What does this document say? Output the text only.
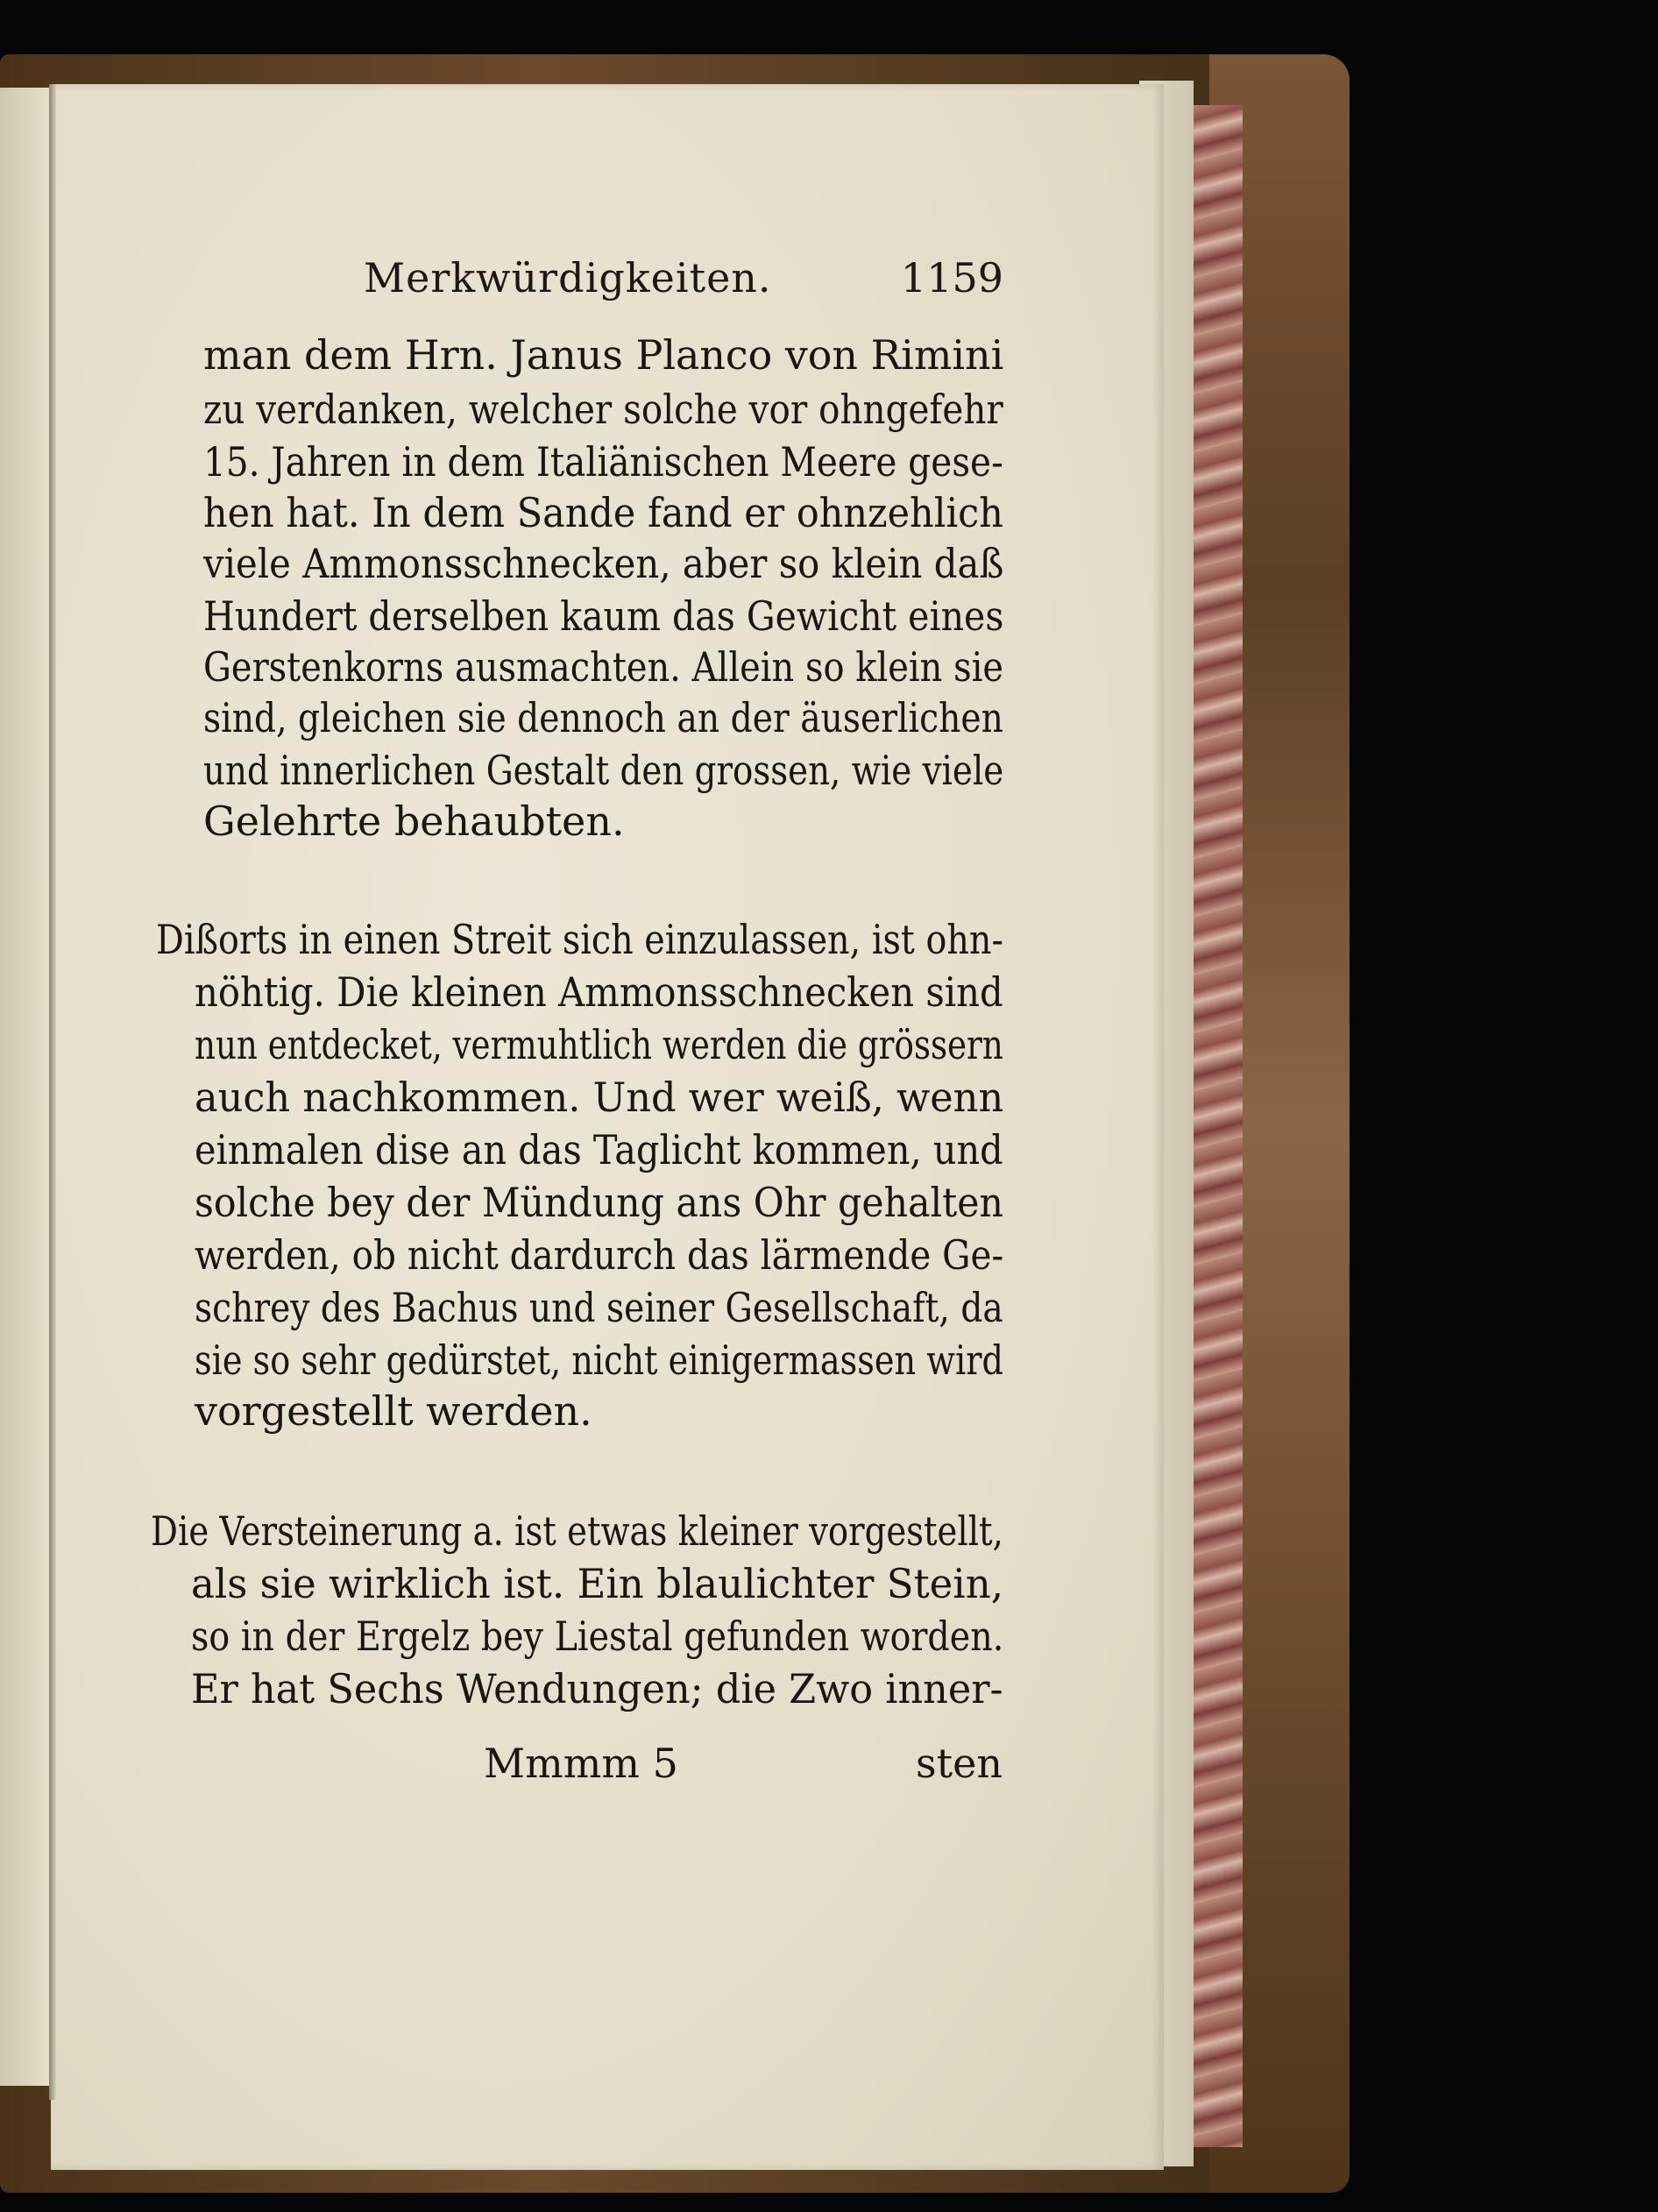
Merkwürdigkeiten.	1159
man dem Hrn. Janus Planco von Rimini
zu verdanken, welcher solche vor ohngefehr
15. Jahren in dem Italiänischen Meere gese-
hen hat. In dem Sande fand er ohnzehlich
viele Ammonsschnecken, aber so klein daß
Hundert derselben kaum das Gewicht eines
Gerstenkorns ausmachten. Allein so klein sie
sind, gleichen sie dennoch an der äuserlichen
und innerlichen Gestalt den grossen, wie viele
Gelehrte behaubten.
Dißorts in einen Streit sich einzulassen, ist ohn-
nöhtig. Die kleinen Ammonsschnecken sind
nun entdecket, vermuhtlich werden die grössern
auch nachkommen. Und wer weiß, wenn
einmalen dise an das Taglicht kommen, und
solche bey der Mündung ans Ohr gehalten
werden, ob nicht dardurch das lärmende Ge-
schrey des Bachus und seiner Gesellschaft, da
sie so sehr gedürstet, nicht einigermassen wird
vorgestellt werden.
Die Versteinerung a. ist etwas kleiner vorgestellt,
als sie wirklich ist. Ein blaulichter Stein,
so in der Ergelz bey Liestal gefunden worden.
Er hat Sechs Wendungen; die Zwo inner-
Mmmm 5	sten
